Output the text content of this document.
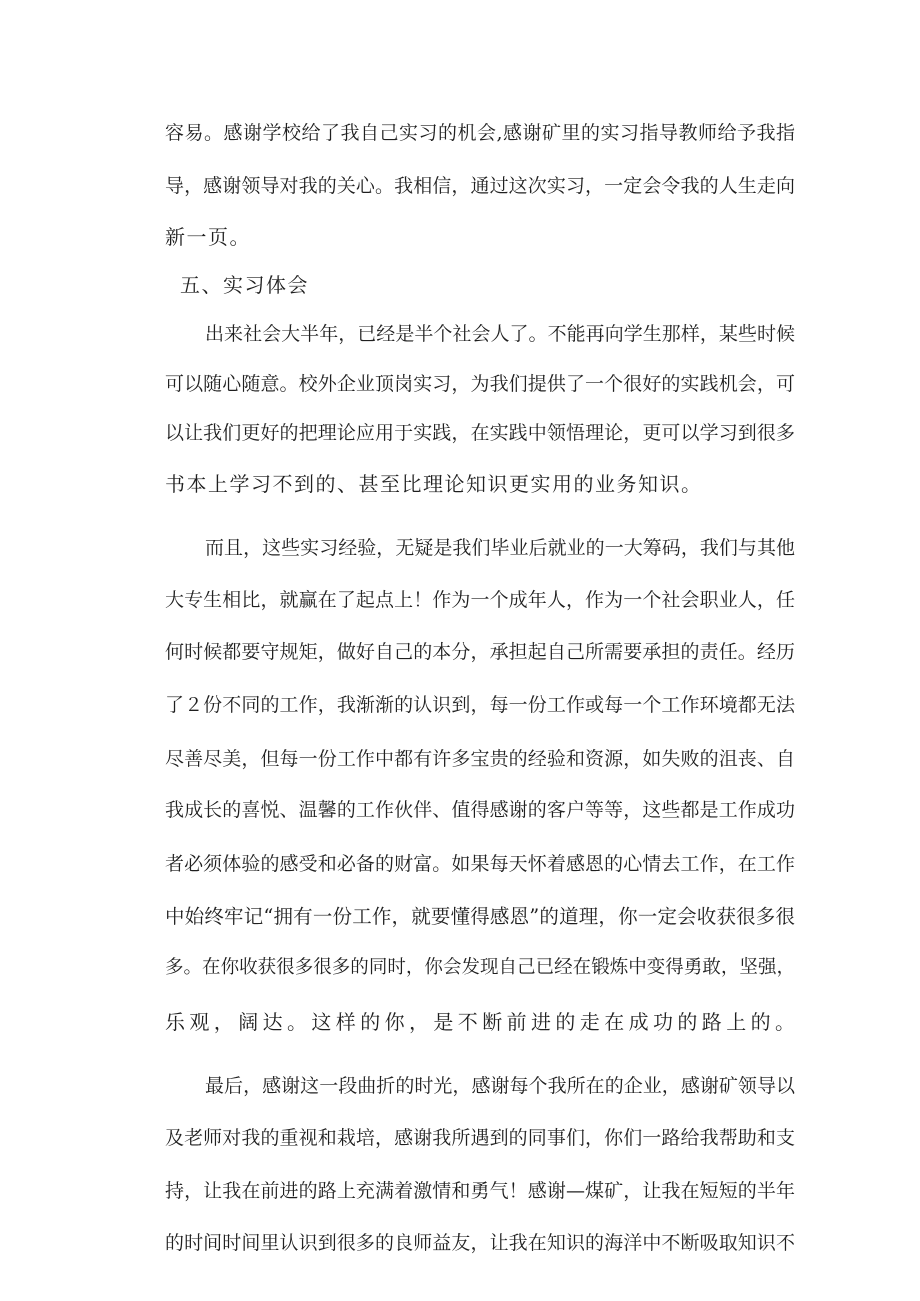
容易。感谢学校给了我自己实习的机会,感谢矿里的实习指导教师给予我指
导，感谢领导对我的关心。我相信，通过这次实习，一定会令我的人生走向
新一页。
五、实习体会
出来社会大半年，已经是半个社会人了。不能再向学生那样，某些时候
可以随心随意。校外企业顶岗实习，为我们提供了一个很好的实践机会，可
以让我们更好的把理论应用于实践，在实践中领悟理论，更可以学习到很多
书本上学习不到的、甚至比理论知识更实用的业务知识。
而且，这些实习经验，无疑是我们毕业后就业的一大筹码，我们与其他
大专生相比，就赢在了起点上！作为一个成年人，作为一个社会职业人，任
何时候都要守规矩，做好自己的本分，承担起自己所需要承担的责任。经历
了２份不同的工作，我渐渐的认识到，每一份工作或每一个工作环境都无法
尽善尽美，但每一份工作中都有许多宝贵的经验和资源，如失败的沮丧、自
我成长的喜悦、温馨的工作伙伴、值得感谢的客户等等，这些都是工作成功
者必须体验的感受和必备的财富。如果每天怀着感恩的心情去工作，在工作
中始终牢记“拥有一份工作，就要懂得感恩”的道理，你一定会收获很多很
多。在你收获很多很多的同时，你会发现自己已经在锻炼中变得勇敢，坚强，
乐观，阔达。这样的你，是不断前进的走在成功的路上的。
最后，感谢这一段曲折的时光，感谢每个我所在的企业，感谢矿领导以
及老师对我的重视和栽培，感谢我所遇到的同事们，你们一路给我帮助和支
持，让我在前进的路上充满着激情和勇气！感谢—煤矿，让我在短短的半年
的时间时间里认识到很多的良师益友，让我在知识的海洋中不断吸取知识不
